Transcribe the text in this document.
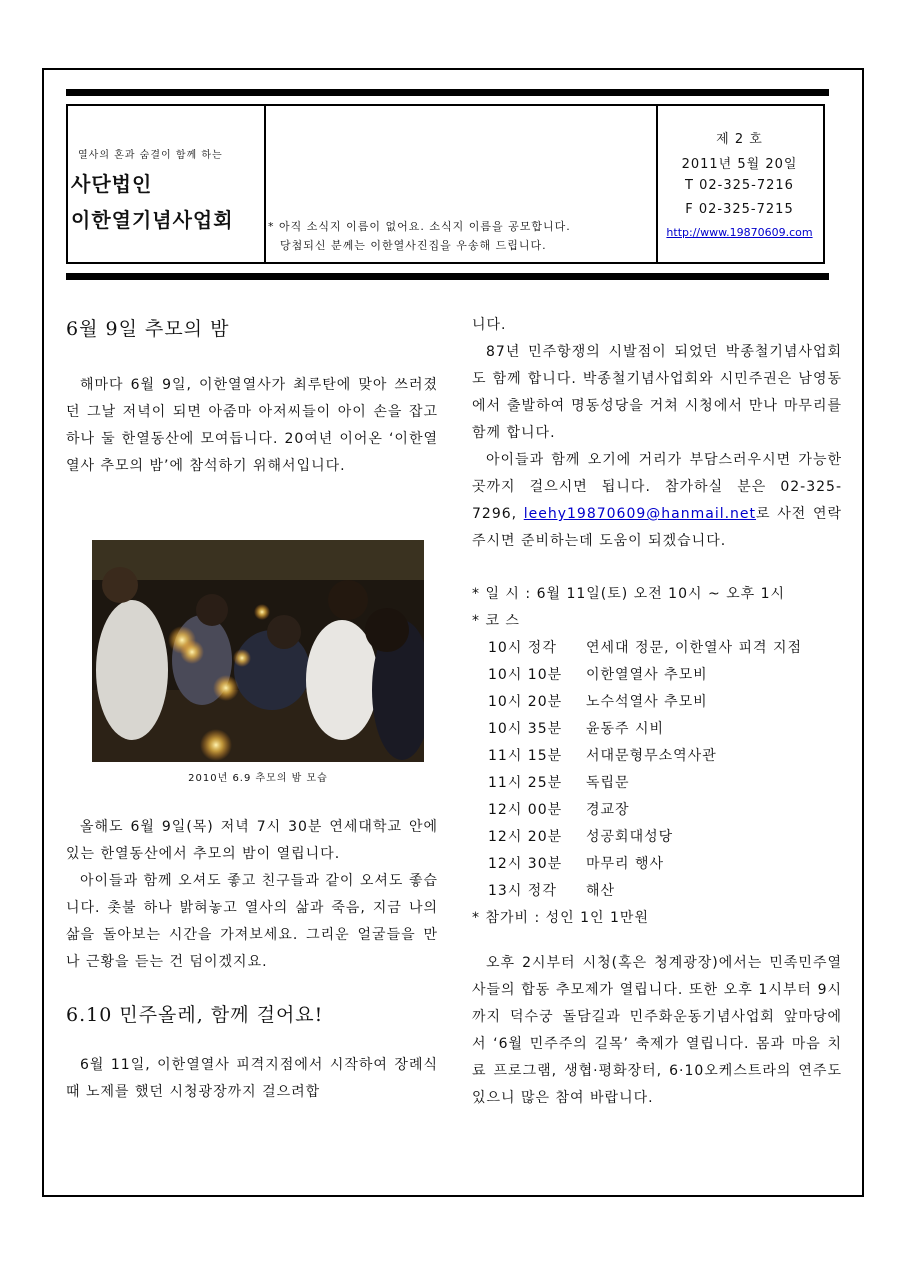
열사의 혼과 숨결이 함께 하는
사단법인
이한열기념사업회	* 아직 소식지 이름이 없어요. 소식지 이름을 공모합니다.
당첨되신 분께는 이한열사진집을 우송해 드립니다.
제 2 호
2011년 5월 20일
T 02-325-7216
F 02-325-7215
http://www.19870609.com

6월 9일 추모의 밤

해마다 6월 9일, 이한열열사가 최루탄에 맞아 쓰러졌던 그날 저녁이 되면 아줌마 아저씨들이 아이 손을 잡고 하나 둘 한열동산에 모여듭니다. 20여년 이어온 ‘이한열열사 추모의 밤’에 참석하기 위해서입니다.

2010년 6.9 추모의 밤 모습

올해도 6월 9일(목) 저녁 7시 30분 연세대학교 안에 있는 한열동산에서 추모의 밤이 열립니다.

아이들과 함께 오셔도 좋고 친구들과 같이 오셔도 좋습니다. 촛불 하나 밝혀놓고 열사의 삶과 죽음, 지금 나의 삶을 돌아보는 시간을 가져보세요. 그리운 얼굴들을 만나 근황을 듣는 건 덤이겠지요.

6.10 민주올레, 함께 걸어요!

6월 11일, 이한열열사 피격지점에서 시작하여 장례식 때 노제를 했던 시청광장까지 걸으려합

니다.

87년 민주항쟁의 시발점이 되었던 박종철기념사업회도 함께 합니다. 박종철기념사업회와 시민주권은 남영동에서 출발하여 명동성당을 거쳐 시청에서 만나 마무리를 함께 합니다.

아이들과 함께 오기에 거리가 부담스러우시면 가능한 곳까지 걸으시면 됩니다. 참가하실 분은 02-325-7296, leehy19870609@hanmail.net로 사전 연락 주시면 준비하는데 도움이 되겠습니다.

* 일 시 : 6월 11일(토) 오전 10시 ~ 오후 1시
* 코 스
10시 정각 연세대 정문, 이한열사 피격 지점
10시 10분 이한열열사 추모비
10시 20분 노수석열사 추모비
10시 35분 윤동주 시비
11시 15분 서대문형무소역사관
11시 25분 독립문
12시 00분 경교장
12시 20분 성공회대성당
12시 30분 마무리 행사
13시 정각 해산
* 참가비 : 성인 1인 1만원

오후 2시부터 시청(혹은 청계광장)에서는 민족민주열사들의 합동 추모제가 열립니다. 또한 오후 1시부터 9시까지 덕수궁 돌담길과 민주화운동기념사업회 앞마당에서 ‘6월 민주주의 길목’ 축제가 열립니다. 몸과 마음 치료 프로그램, 생협·평화장터, 6·10오케스트라의 연주도 있으니 많은 참여 바랍니다.
